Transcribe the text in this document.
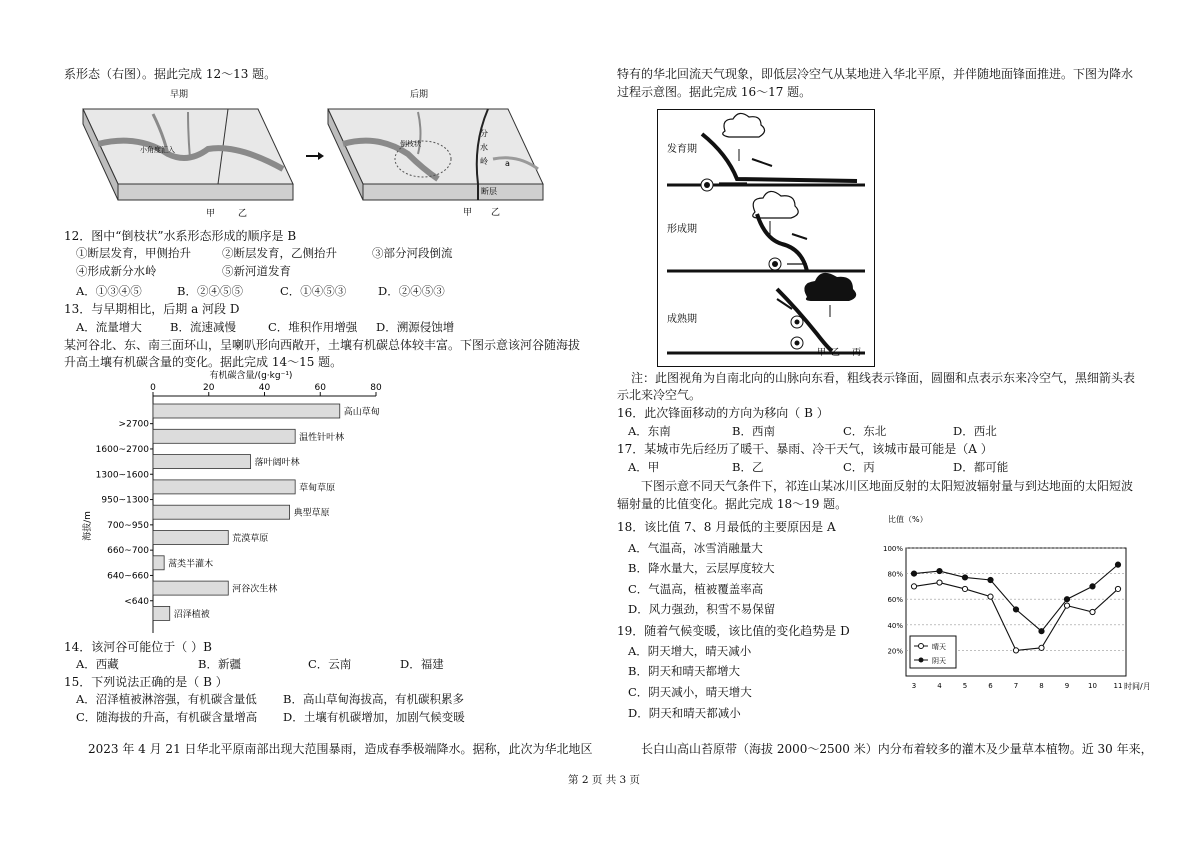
系形态（右图）。据此完成 12～13 题。
早期
小角度汇入
甲	乙
后期
倒枝状
分
水
岭 a
断层
甲 乙
12．图中“倒枝状”水系形态形成的顺序是 B
①断层发育，甲侧抬升	②断层发育，乙侧抬升	③部分河段倒流
④形成新分水岭	⑤新河道发育
A．①③④⑤	B．②④⑤⑤	C．①④⑤③	D．②④⑤③
13．与早期相比，后期 a 河段 D
A．流量增大 B．流速减慢	C．堆积作用增强 D．溯源侵蚀增
某河谷北、东、南三面环山，呈喇叭形向西敞开，土壤有机碳总体较丰富。下图示意该河谷随海拔
升高土壤有机碳含量的变化。据此完成 14～15 题。
有机碳含量/(g·kg⁻¹)
海拔/m
0	20	40	60	80
高山草甸
温性针叶林
落叶阔叶林
草甸草原
典型草原
荒漠草原
蒿类半灌木
河谷次生林
沼泽植被
>2700
1600~2700
1300~1600
950~1300
700~950
660~700
640~660
<640
14．该河谷可能位于（ ）B
A．西藏	B．新疆	C．云南	D．福建
15．下列说法正确的是（ B ）
A．沼泽植被淋溶强，有机碳含量低 B．高山草甸海拔高，有机碳积累多
C．随海拔的升高，有机碳含量增高 D．土壤有机碳增加，加剧气候变暖
2023 年 4 月 21 日华北平原南部出现大范围暴雨，造成春季极端降水。据称，此次为华北地区
特有的华北回流天气现象，即低层冷空气从某地进入华北平原，并伴随地面锋面推进。下图为降水
过程示意图。据此完成 16～17 题。
发育期
形成期
成熟期
甲 乙 丙
注：此图视角为自南北向的山脉向东看，粗线表示锋面，圆圈和点表示东来冷空气，黑细箭头表
示北来冷空气。
16．此次锋面移动的方向为移向（ B ）
A．东南	B．西南	C．东北	D．西北
17．某城市先后经历了暖干、暴雨、冷干天气，该城市最可能是（A ）
A．甲	B．乙	C．丙	D．都可能
下图示意不同天气条件下，祁连山某冰川区地面反射的太阳短波辐射量与到达地面的太阳短波
辐射量的比值变化。据此完成 18～19 题。
18．该比值 7、8 月最低的主要原因是 A
A．气温高，冰雪消融量大
B．降水量大，云层厚度较大
C．气温高，植被覆盖率高
D．风力强劲，积雪不易保留
19．随着气候变暖，该比值的变化趋势是 D
A．阴天增大，晴天减小
B．阴天和晴天都增大
C．阴天减小，晴天增大
D．阴天和晴天都减小
比值（%）
20%
40%
60%
80%
100%
3	4	5	6	7	8	9	10 11 时间/月
晴天
阴天
长白山高山苔原带（海拔 2000～2500 米）内分布着较多的灌木及少量草本植物。近 30 年来，
第 2 页 共 3 页
